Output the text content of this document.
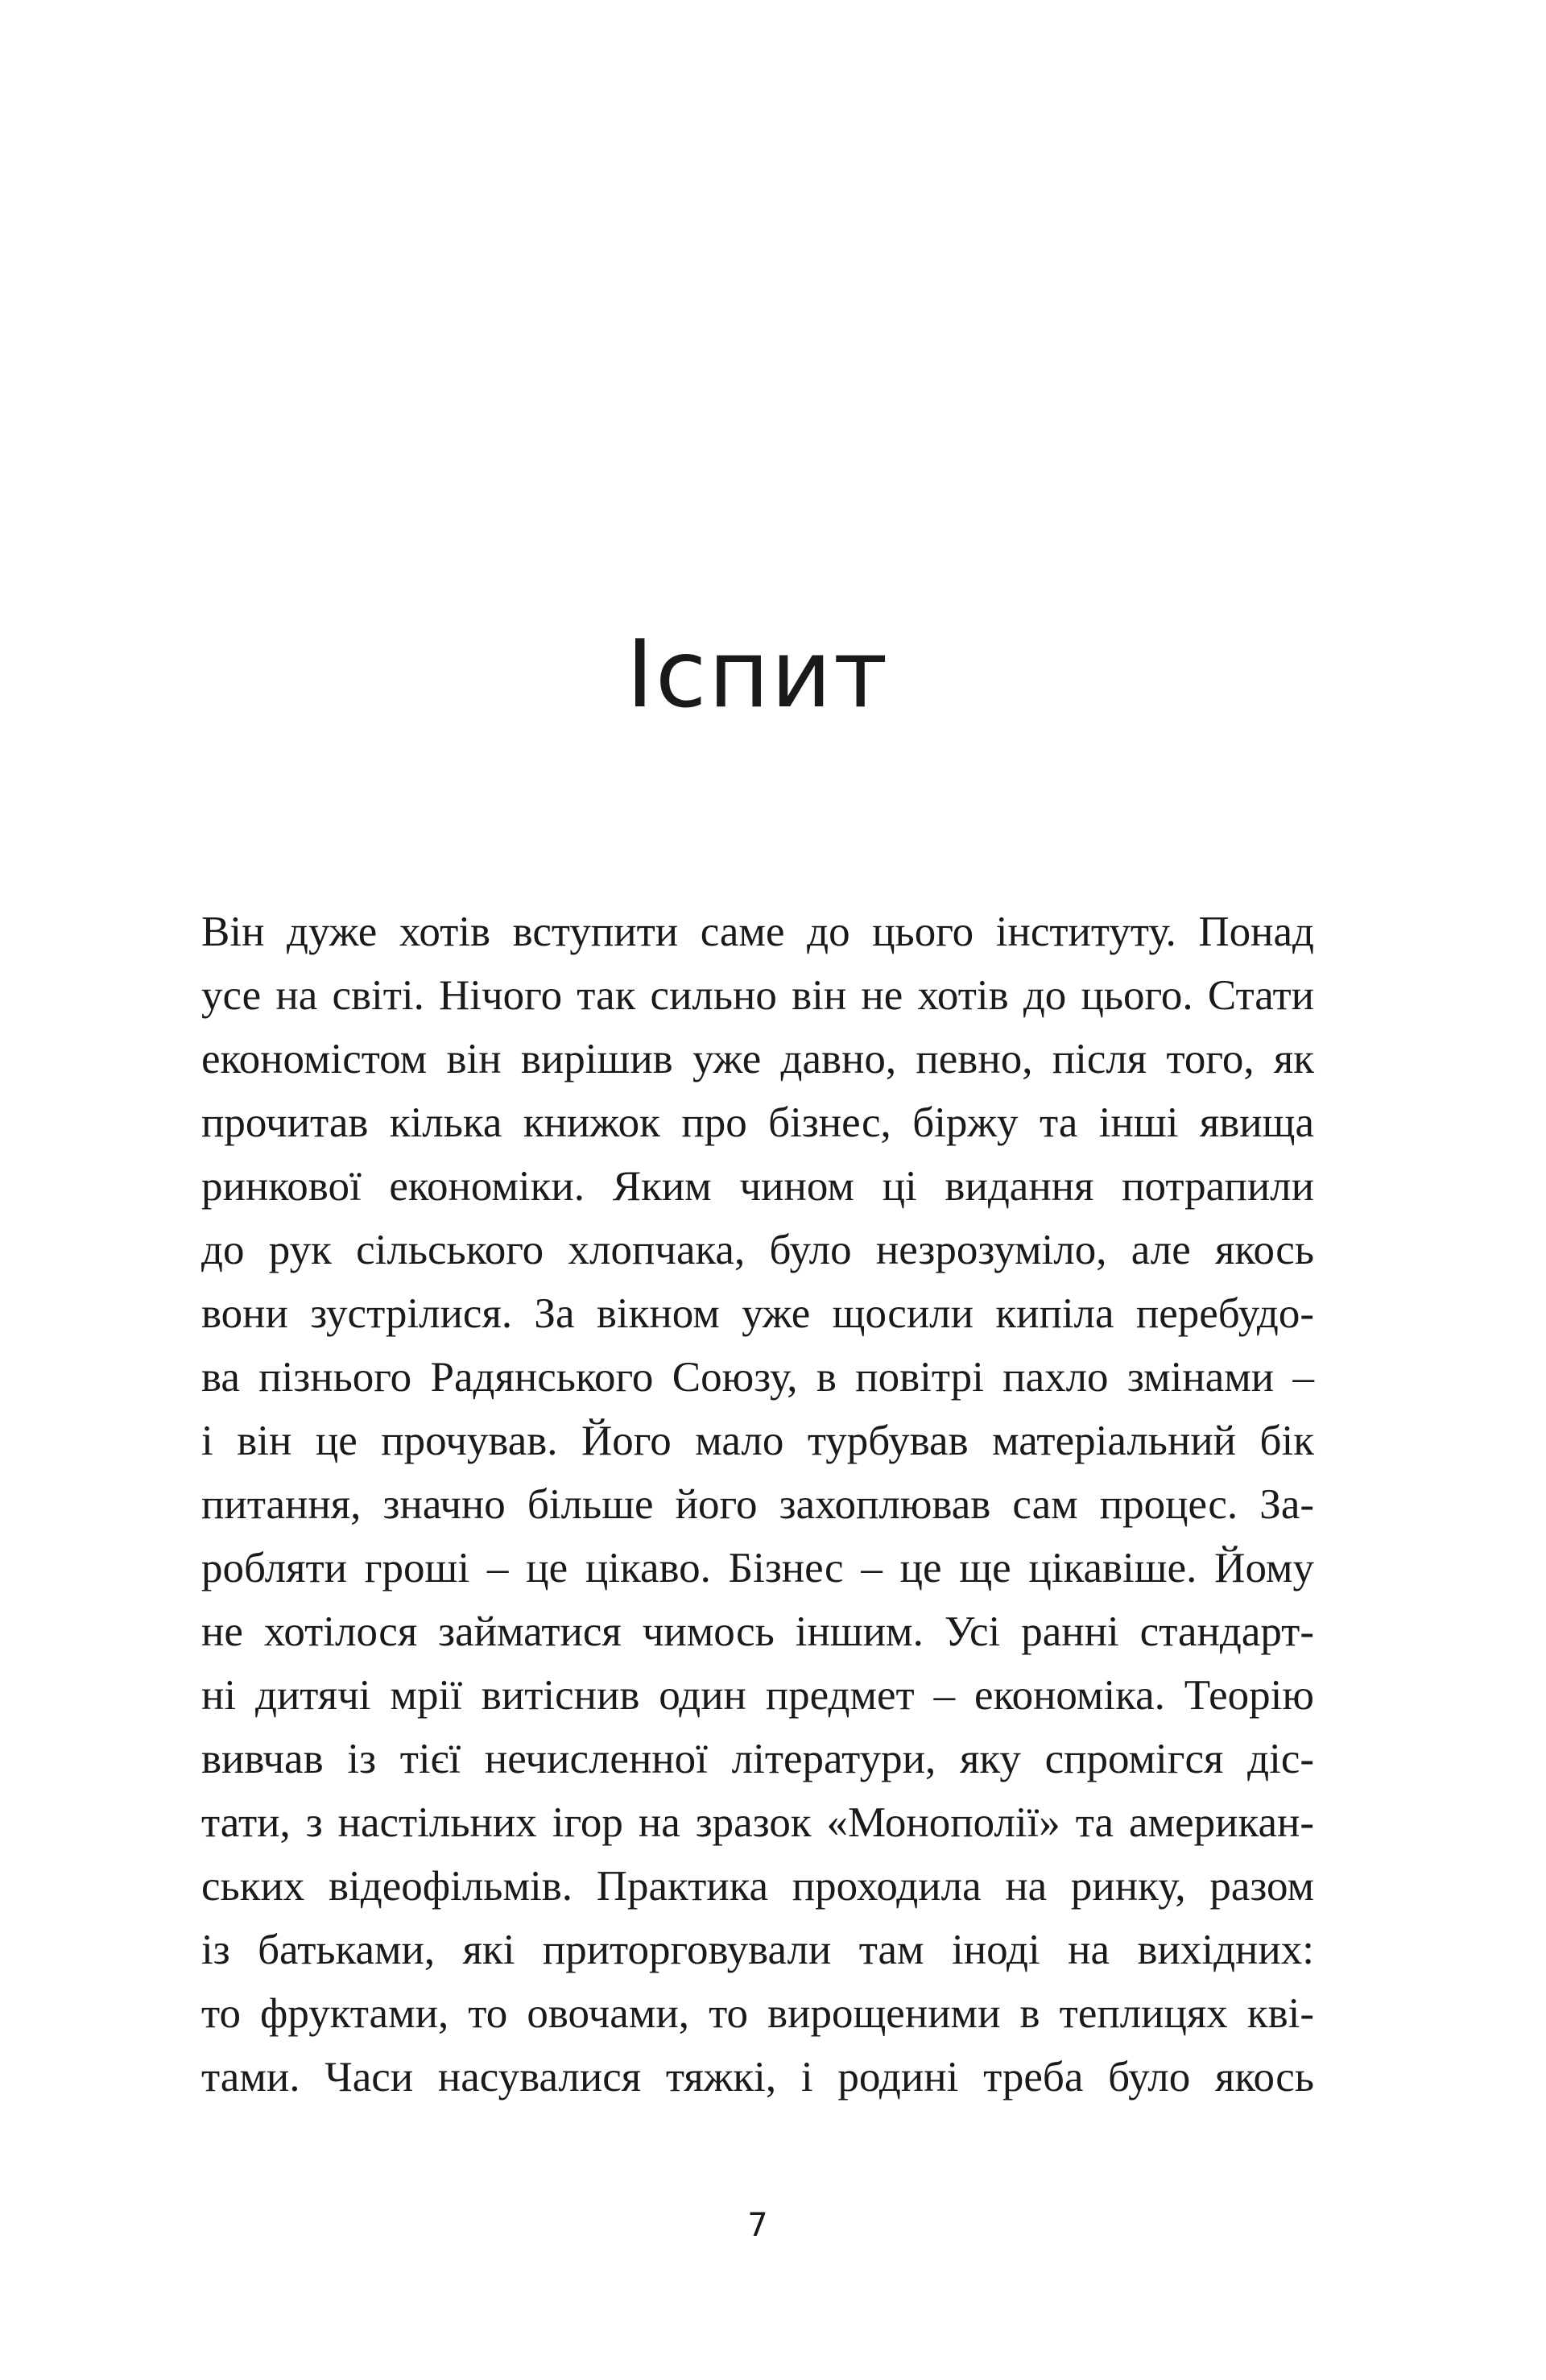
Іспит
Він дуже хотів вступити саме до цього інституту. Понад
усе на світі. Нічого так сильно він не хотів до цього. Стати
економістом він вирішив уже давно, певно, після того, як
прочитав кілька книжок про бізнес, біржу та інші явища
ринкової економіки. Яким чином ці видання потрапили
до рук сільського хлопчака, було незрозуміло, але якось
вони зустрілися. За вікном уже щосили кипіла перебудо-
ва пізнього Радянського Союзу, в повітрі пахло змінами –
і він це прочував. Його мало турбував матеріальний бік
питання, значно більше його захоплював сам процес. За-
робляти гроші – це цікаво. Бізнес – це ще цікавіше. Йому
не хотілося займатися чимось іншим. Усі ранні стандарт-
ні дитячі мрії витіснив один предмет – економіка. Теорію
вивчав із тієї нечисленної літератури, яку спромігся діс-
тати, з настільних ігор на зразок «Монополії» та американ-
ських відеофільмів. Практика проходила на ринку, разом
із батьками, які приторговували там іноді на вихідних:
то фруктами, то овочами, то вирощеними в теплицях кві-
тами. Часи насувалися тяжкі, і родині треба було якось
7
